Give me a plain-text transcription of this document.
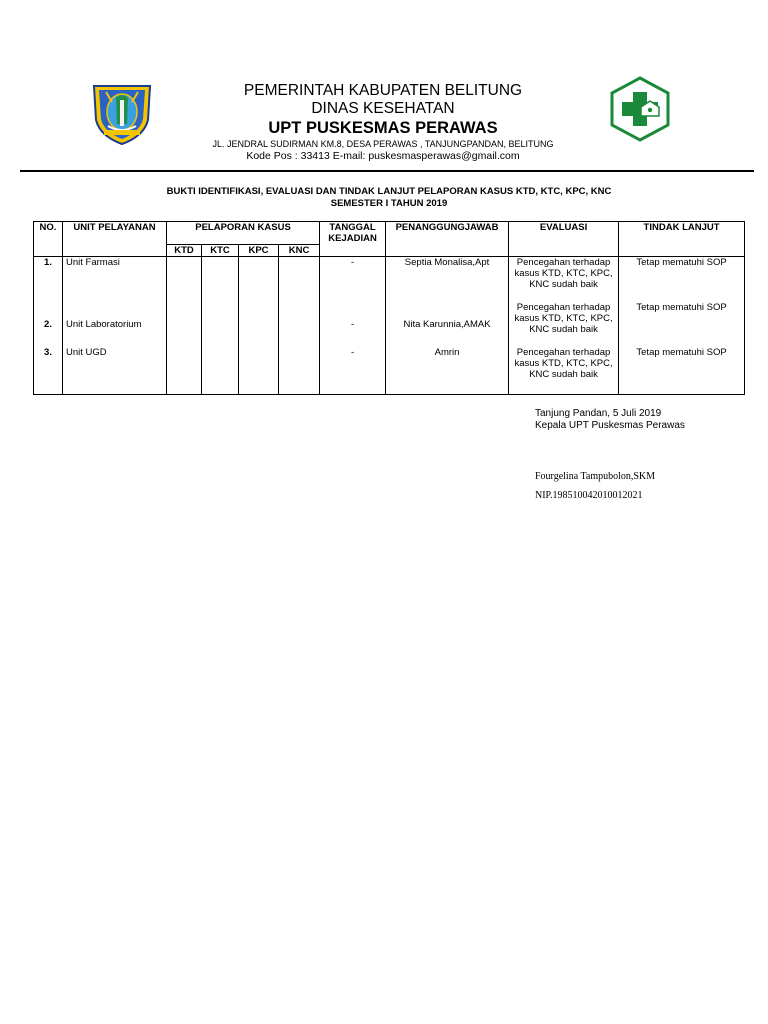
PEMERINTAH KABUPATEN BELITUNG
DINAS KESEHATAN
UPT PUSKESMAS PERAWAS
JL. JENDRAL SUDIRMAN KM.8, DESA PERAWAS , TANJUNGPANDAN, BELITUNG
Kode Pos : 33413 E-mail: puskesmasperawas@gmail.com
BUKTI IDENTIFIKASI, EVALUASI DAN TINDAK LANJUT PELAPORAN KASUS KTD, KTC, KPC, KNC
SEMESTER I TAHUN 2019
NO.	UNIT PELAYANAN	PELAPORAN KASUS				TANGGAL KEJADIAN	PENANGGUNGJAWAB	EVALUASI	TINDAK LANJUT
		KTD	KTC	KPC	KNC				
1.	Unit Farmasi					-	Septia Monalisa,Apt	Pencegahan terhadap kasus KTD, KTC, KPC, KNC sudah baik	Tetap mematuhi SOP
2.	Unit Laboratorium					-	Nita Karunnia,AMAK	Pencegahan terhadap kasus KTD, KTC, KPC, KNC sudah baik	Tetap mematuhi SOP
3.	Unit UGD					-	Amrin	Pencegahan terhadap kasus KTD, KTC, KPC, KNC sudah baik	Tetap mematuhi SOP
Tanjung Pandan, 5 Juli 2019
Kepala UPT Puskesmas Perawas
Fourgelina Tampubolon,SKM
NIP.198510042010012021
